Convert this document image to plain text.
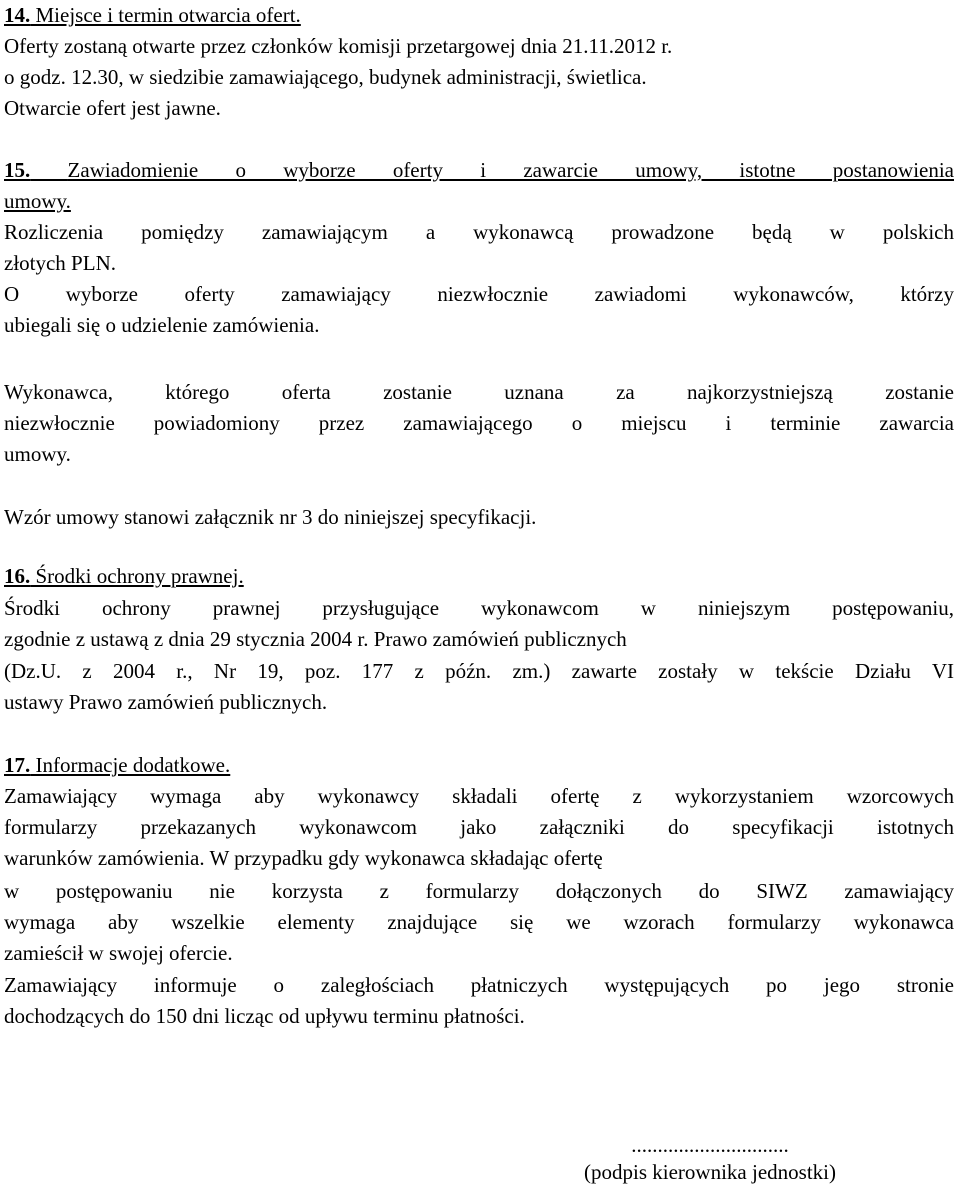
14. Miejsce i termin otwarcia ofert.
Oferty zostaną otwarte przez członków komisji przetargowej dnia 21.11.2012 r.
o godz. 12.30, w siedzibie zamawiającego, budynek administracji, świetlica.
Otwarcie ofert jest jawne.
15. Zawiadomienie o wyborze oferty i zawarcie umowy, istotne postanowienia
umowy.
Rozliczenia pomiędzy zamawiającym a wykonawcą prowadzone będą w polskich
złotych PLN.
O wyborze oferty zamawiający niezwłocznie zawiadomi wykonawców, którzy
ubiegali się o udzielenie zamówienia.
Wykonawca, którego oferta zostanie uznana za najkorzystniejszą zostanie
niezwłocznie powiadomiony przez zamawiającego o miejscu i terminie zawarcia
umowy.
Wzór umowy stanowi załącznik nr 3 do niniejszej specyfikacji.
16. Środki ochrony prawnej.
Środki ochrony prawnej przysługujące wykonawcom w niniejszym postępowaniu,
zgodnie z ustawą z dnia 29 stycznia 2004 r. Prawo zamówień publicznych
(Dz.U. z 2004 r., Nr 19, poz. 177 z późn. zm.) zawarte zostały w tekście Działu VI
ustawy Prawo zamówień publicznych.
17. Informacje dodatkowe.
Zamawiający wymaga aby wykonawcy składali ofertę z wykorzystaniem wzorcowych
formularzy przekazanych wykonawcom jako załączniki do specyfikacji istotnych
warunków zamówienia. W przypadku gdy wykonawca składając ofertę
w postępowaniu nie korzysta z formularzy dołączonych do SIWZ zamawiający
wymaga aby wszelkie elementy znajdujące się we wzorach formularzy wykonawca
zamieścił w swojej ofercie.
Zamawiający informuje o zaległościach płatniczych występujących po jego stronie
dochodzących do 150 dni licząc od upływu terminu płatności.
..............................
(podpis kierownika jednostki)
